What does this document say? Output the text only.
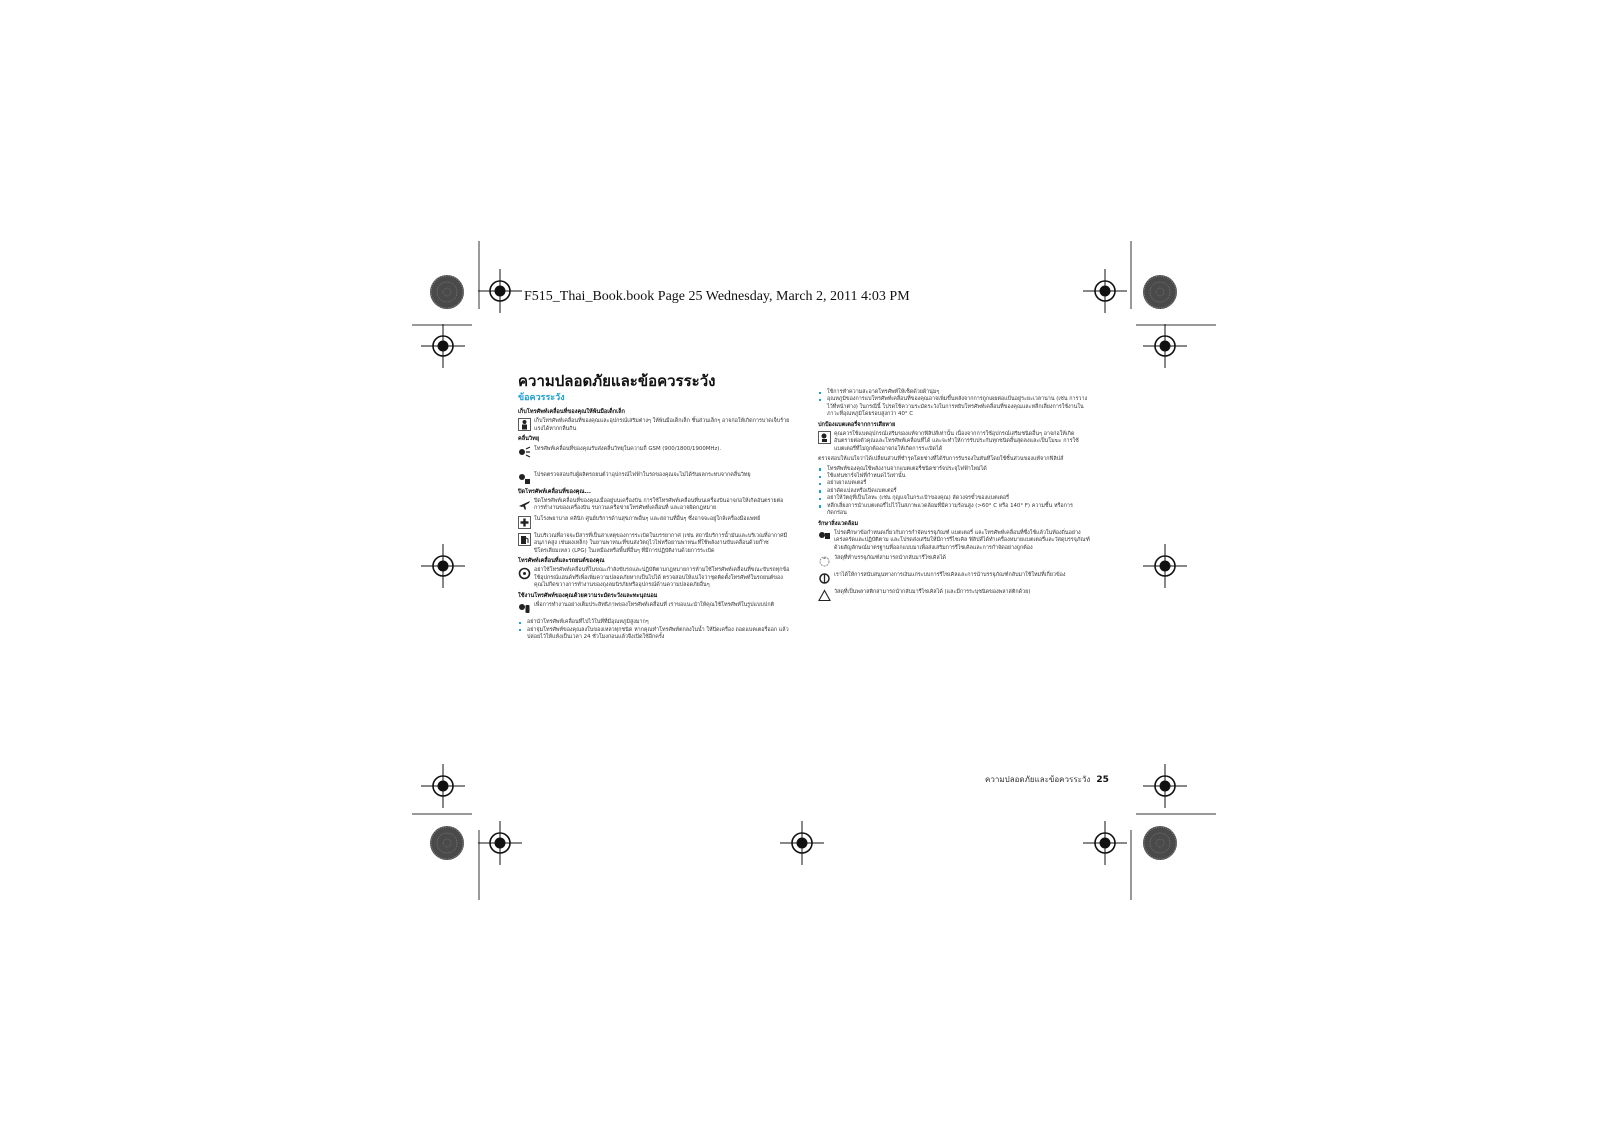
F515_Thai_Book.book Page 25 Wednesday, March 2, 2011 4:03 PM
ความปลอดภัยและข้อควรระวัง
ข้อควรระวัง
เก็บโทรศัพท์เคลื่อนที่ของคุณให้พ้นมือเด็กเล็ก
เก็บโทรศัพท์เคลื่อนที่ของคุณและอุปกรณ์เสริมต่างๆ ให้พ้นมือเด็กเล็ก ชิ้นส่วนเล็กๆ อาจก่อให้เกิดการบาดเจ็บร้ายแรงได้หากกลืนกิน
คลื่นวิทยุ
โทรศัพท์เคลื่อนที่ของคุณรับส่งคลื่นวิทยุในความถี่ GSM (900/1800/1900MHz).
โปรดตรวจสอบกับผู้ผลิตรถยนต์ว่าอุปกรณ์ไฟฟ้าในรถของคุณจะไม่ได้รับผลกระทบจากคลื่นวิทยุ
ปิดโทรศัพท์เคลื่อนที่ของคุณ...
ปิดโทรศัพท์เคลื่อนที่ของคุณเมื่ออยู่บนเครื่องบิน การใช้โทรศัพท์เคลื่อนที่บนเครื่องบินอาจก่อให้เกิดอันตรายต่อการทำงานของเครื่องบิน รบกวนเครือข่ายโทรศัพท์เคลื่อนที่ และอาจผิดกฎหมาย
ในโรงพยาบาล คลินิก ศูนย์บริการด้านสุขภาพอื่นๆ และสถานที่อื่นๆ ซึ่งอาจจะอยู่ใกล้เครื่องมือแพทย์
ในบริเวณที่อาจจะมีสารที่เป็นสาเหตุของการระเบิดในบรรยากาศ (เช่น สถานีบริการน้ำมันและบริเวณที่อากาศมีอนุภาคสูง เช่นผงเหล็ก) ในยานพาหนะที่ขนส่งวัตถุไวไฟหรือยานพาหนะที่ใช้พลังงานขับเคลื่อนด้วยก๊าซปิโตรเลียมเหลว (LPG) ในเหมืองหรือพื้นที่อื่นๆ ที่มีการปฏิบัติงานด้วยการระเบิด
โทรศัพท์เคลื่อนที่และรถยนต์ของคุณ
อย่าใช้โทรศัพท์เคลื่อนที่ในขณะกำลังขับรถและปฏิบัติตามกฎหมายการห้ามใช้โทรศัพท์เคลื่อนที่ขณะขับรถทุกข้อ ใช้อุปกรณ์แฮนด์ฟรีเพื่อเพิ่มความปลอดภัยหากเป็นไปได้ ตรวจสอบให้แน่ใจว่าชุดติดตั้งโทรศัพท์ในรถยนต์ของคุณไม่กีดขวางการทำงานของถุงลมนิรภัยหรืออุปกรณ์ด้านความปลอดภัยอื่นๆ
ใช้งานโทรศัพท์ของคุณด้วยความระมัดระวังและทะนุถนอม
เพื่อการทำงานอย่างเต็มประสิทธิภาพของโทรศัพท์เคลื่อนที่ เราขอแนะนำให้คุณใช้โทรศัพท์ในรูปแบบปกติ
อย่านำโทรศัพท์เคลื่อนที่ไปไว้ในที่ที่มีอุณหภูมิสูงมากๆ
อย่าจุ่มโทรศัพท์ของคุณลงในของเหลวทุกชนิด หากคุณทำโทรศัพท์ตกลงในน้ำ ให้ปิดเครื่อง ถอดแบตเตอรี่ออก แล้วปล่อยไว้ให้แห้งเป็นเวลา 24 ชั่วโมงก่อนแล้วจึงเปิดใช้อีกครั้ง
ใช้การทำความสะอาดโทรศัพท์ให้เช็ดด้วยผ้านุ่มๆ
อุณหภูมิของการแบโทรศัพท์เคลื่อนที่ของคุณอาจเพิ่มขึ้นหลังจากการถูกเผยต่อแป้นอยู่ระยะเวลานาน (เช่น การวางไว้ที่หน้าต่าง) ในกรณีนี้ โปรดใช้ความระมัดระวังในการหยิบโทรศัพท์เคลื่อนที่ของคุณและหลีกเลี่ยงการใช้งานในภาวะที่อุณหภูมิโดยรอบสูงกว่า 40° C
ปกป้องแบตเตอรี่จากการเสียหาย
คุณควรใช้แบตอุปกรณ์เสริมของแท้จากฟิลิปส์เท่านั้น เนื่องจากการใช้อุปกรณ์เสริมชนิดอื่นๆ อาจก่อให้เกิดอันตรายต่อตัวคุณและโทรศัพท์เคลื่อนที่ได้ และจะทำให้การรับประกันทุกชนิดสิ้นสุดลงและเป็นโมฆะ การใช้แบตเตอรี่ที่ไม่ถูกต้องอาจก่อให้เกิดการระเบิดได้
ตรวจสอบให้แน่ใจว่าได้เปลี่ยนส่วนที่ชำรุดโดยช่างที่ได้รับการรับรองในทันทีโดยใช้ชิ้นส่วนของแท้จากฟิลิปส์
โทรศัพท์ของคุณใช้พลังงานจากแบตเตอรี่ชนิดชาร์จประจุไฟฟ้าใหม่ได้
ใช้แท่นชาร์จไฟที่กำหนดไว้เท่านั้น
อย่าเผาแบตเตอรี่
อย่าดัดแปลงหรือเปิดแบตเตอรี่
อย่าให้วัตถุที่เป็นโลหะ (เช่น กุญแจในกระเป๋าของคุณ) ลัดวงจรขั้วของแบตเตอรี่
หลีกเลี่ยงการนำแบตเตอรี่ไปไว้ในสภาพแวดล้อมที่มีความร้อนสูง (>60° C หรือ 140° F) ความชื้น หรือการกัดกร่อน
รักษาสิ่งแวดล้อม
โปรดศึกษาข้อกำหนดเกี่ยวกับการกำจัดบรรจุภัณฑ์ แบตเตอรี่ และโทรศัพท์เคลื่อนที่ซึ่งใช้แล้วในท้องถิ่นอย่างเคร่งครัดและปฏิบัติตาม และโปรดส่งเสริมให้มีการรีไซเคิล ฟิลิปส์ได้ทำเครื่องหมายแบตเตอรี่และวัสดุบรรจุภัณฑ์ด้วยสัญลักษณ์มาตรฐานที่ออกแบบมาเพื่อส่งเสริมการรีไซเคิลและการกำจัดอย่างถูกต้อง
วัสดุที่ทำบรรจุภัณฑ์สามารถนำกลับมารีไซเคิลได้
เราได้ให้การสนับสนุนทางการเงินแก่ระบบการรีไซเคิลและการนำบรรจุภัณฑ์กลับมาใช้ใหม่ที่เกี่ยวข้อง
วัสดุที่เป็นพลาสติกสามารถนำกลับมารีไซเคิลได้ (และมีการระบุชนิดของพลาสติกด้วย)
ความปลอดภัยและข้อควรระวัง 25
